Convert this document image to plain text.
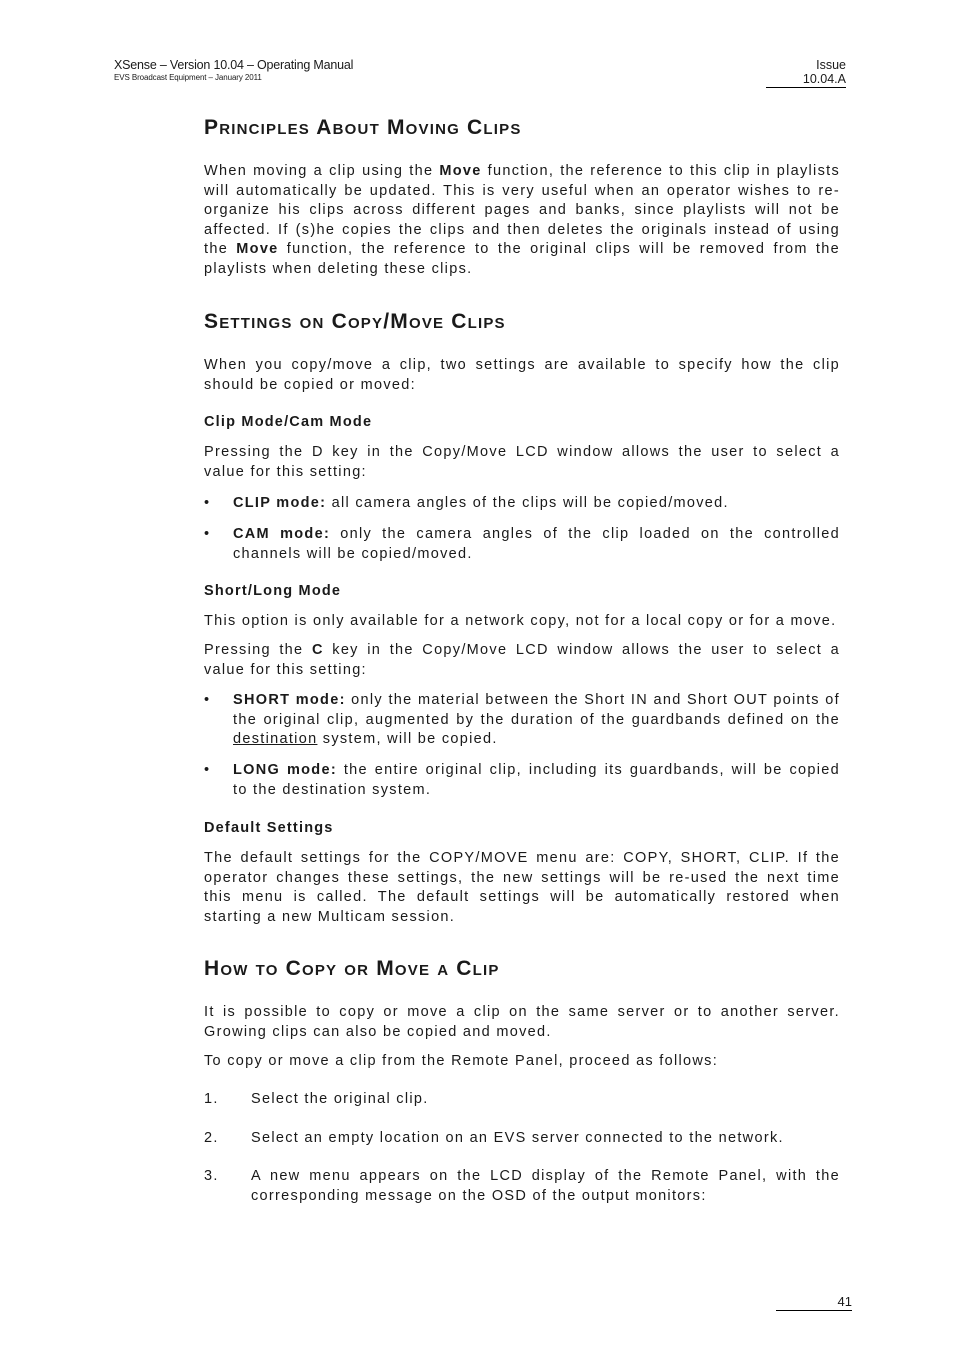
XSense – Version 10.04 – Operating Manual
EVS Broadcast Equipment – January 2011
Issue
10.04.A
Principles About Moving Clips

When moving a clip using the Move function, the reference to this clip in playlists will automatically be updated. This is very useful when an operator wishes to re-organize his clips across different pages and banks, since playlists will not be affected. If (s)he copies the clips and then deletes the originals instead of using the Move function, the reference to the original clips will be removed from the playlists when deleting these clips.

Settings on Copy/Move Clips

When you copy/move a clip, two settings are available to specify how the clip should be copied or moved:

Clip Mode/Cam Mode

Pressing the D key in the Copy/Move LCD window allows the user to select a value for this setting:

• CLIP mode: all camera angles of the clips will be copied/moved.
• CAM mode: only the camera angles of the clip loaded on the controlled channels will be copied/moved.
Short/Long Mode

This option is only available for a network copy, not for a local copy or for a move.

Pressing the C key in the Copy/Move LCD window allows the user to select a value for this setting:

• SHORT mode: only the material between the Short IN and Short OUT points of the original clip, augmented by the duration of the guardbands defined on the destination system, will be copied.
• LONG mode: the entire original clip, including its guardbands, will be copied to the destination system.
Default Settings

The default settings for the COPY/MOVE menu are: COPY, SHORT, CLIP. If the operator changes these settings, the new settings will be re-used the next time this menu is called. The default settings will be automatically restored when starting a new Multicam session.

How to Copy or Move a Clip

It is possible to copy or move a clip on the same server or to another server. Growing clips can also be copied and moved.

To copy or move a clip from the Remote Panel, proceed as follows:

1. Select the original clip.
2. Select an empty location on an EVS server connected to the network.
3. A new menu appears on the LCD display of the Remote Panel, with the corresponding message on the OSD of the output monitors:
41
